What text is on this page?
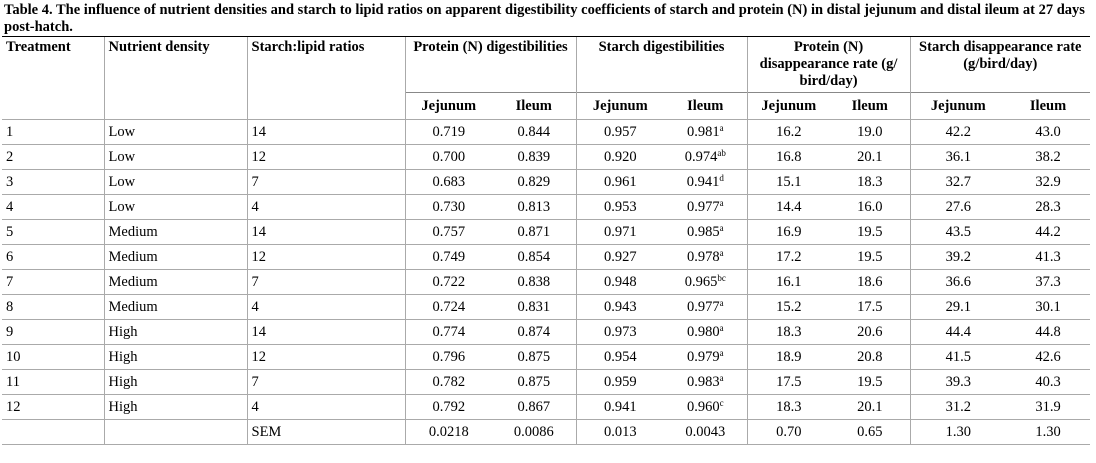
Table 4. The influence of nutrient densities and starch to lipid ratios on apparent digestibility coefficients of starch and protein (N) in distal jejunum and distal ileum at 27 days post-hatch.
Treatment	Nutrient density	Starch:lipid ratios	Protein (N) digestibilities		Starch digestibilities		Protein (N) disappearance rate (g/ bird/day)		Starch disappearance rate (g/bird/day)	
			Jejunum	Ileum	Jejunum	Ileum	Jejunum	Ileum	Jejunum	Ileum
1	Low	14	0.719	0.844	0.957	0.981$^a$	16.2	19.0	42.2	43.0
2	Low	12	0.700	0.839	0.920	0.974$^{ab}$	16.8	20.1	36.1	38.2
3	Low	7	0.683	0.829	0.961	0.941$^d$	15.1	18.3	32.7	32.9
4	Low	4	0.730	0.813	0.953	0.977$^a$	14.4	16.0	27.6	28.3
5	Medium	14	0.757	0.871	0.971	0.985$^a$	16.9	19.5	43.5	44.2
6	Medium	12	0.749	0.854	0.927	0.978$^a$	17.2	19.5	39.2	41.3
7	Medium	7	0.722	0.838	0.948	0.965$^{bc}$	16.1	18.6	36.6	37.3
8	Medium	4	0.724	0.831	0.943	0.977$^a$	15.2	17.5	29.1	30.1
9	High	14	0.774	0.874	0.973	0.980$^a$	18.3	20.6	44.4	44.8
10	High	12	0.796	0.875	0.954	0.979$^a$	18.9	20.8	41.5	42.6
11	High	7	0.782	0.875	0.959	0.983$^a$	17.5	19.5	39.3	40.3
12	High	4	0.792	0.867	0.941	0.960$^c$	18.3	20.1	31.2	31.9
		SEM	0.0218	0.0086	0.013	0.0043	0.70	0.65	1.30	1.30
